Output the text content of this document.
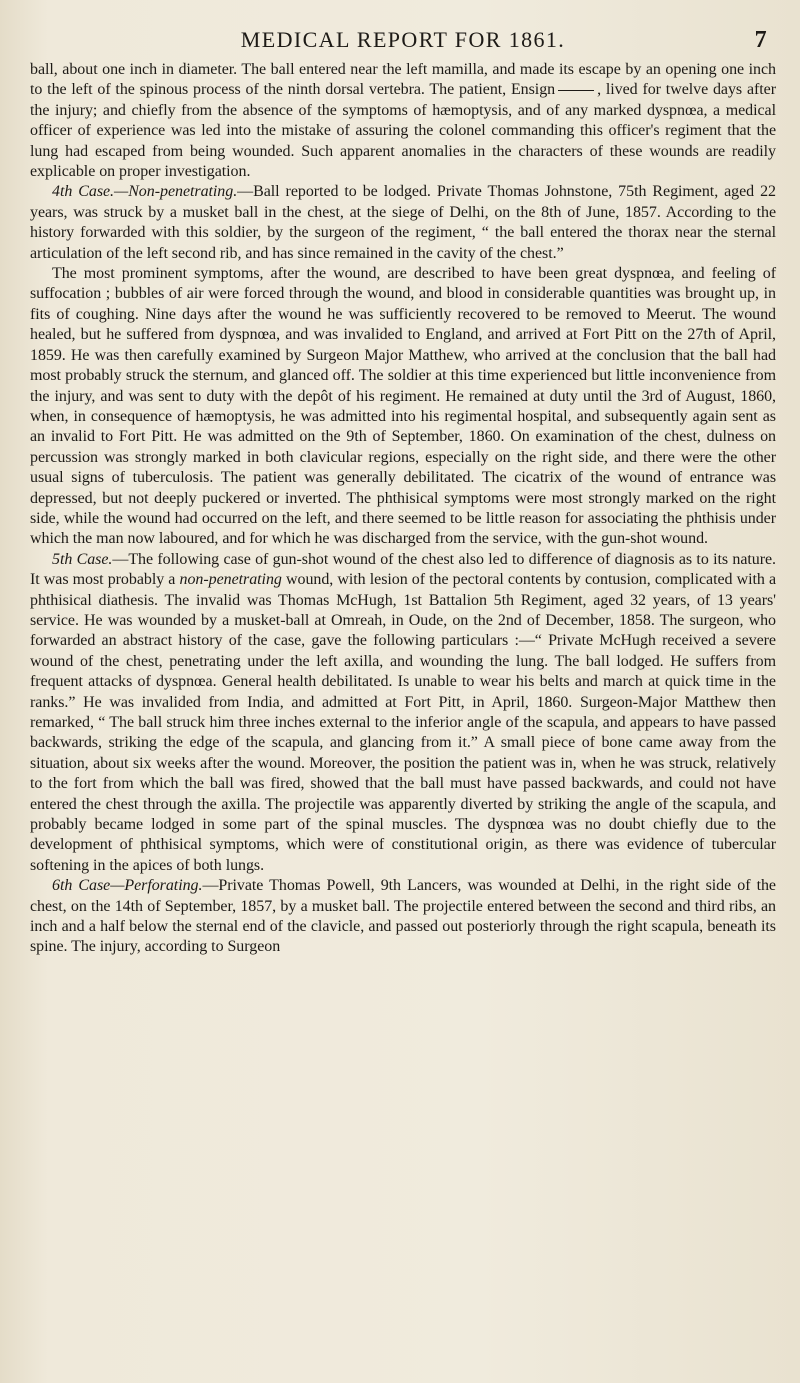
MEDICAL REPORT FOR 1861.	7

ball, about one inch in diameter. The ball entered near the left mamilla, and made its escape by an opening one inch to the left of the spinous process of the ninth dorsal vertebra. The patient, Ensign	, lived for twelve days after the injury; and chiefly from the absence of the symptoms of hæmoptysis, and of any marked dyspnœa, a medical officer of experience was led into the mistake of assuring the colonel commanding this officer's regiment that the lung had escaped from being wounded. Such apparent anomalies in the characters of these wounds are readily explicable on proper investigation.

4th Case.—Non-penetrating.—Ball reported to be lodged. Private Thomas Johnstone, 75th Regiment, aged 22 years, was struck by a musket ball in the chest, at the siege of Delhi, on the 8th of June, 1857. According to the history forwarded with this soldier, by the surgeon of the regiment, “ the ball entered the thorax near the sternal articulation of the left second rib, and has since remained in the cavity of the chest.”

The most prominent symptoms, after the wound, are described to have been great dyspnœa, and feeling of suffocation ; bubbles of air were forced through the wound, and blood in considerable quantities was brought up, in fits of coughing. Nine days after the wound he was sufficiently recovered to be removed to Meerut. The wound healed, but he suffered from dyspnœa, and was invalided to England, and arrived at Fort Pitt on the 27th of April, 1859. He was then carefully examined by Surgeon Major Matthew, who arrived at the conclusion that the ball had most probably struck the sternum, and glanced off. The soldier at this time experienced but little inconvenience from the injury, and was sent to duty with the depôt of his regiment. He remained at duty until the 3rd of August, 1860, when, in consequence of hæmoptysis, he was admitted into his regimental hospital, and subsequently again sent as an invalid to Fort Pitt. He was admitted on the 9th of September, 1860. On examination of the chest, dulness on percussion was strongly marked in both clavicular regions, especially on the right side, and there were the other usual signs of tuberculosis. The patient was generally debilitated. The cicatrix of the wound of entrance was depressed, but not deeply puckered or inverted. The phthisical symptoms were most strongly marked on the right side, while the wound had occurred on the left, and there seemed to be little reason for associating the phthisis under which the man now laboured, and for which he was discharged from the service, with the gun-shot wound.

5th Case.—The following case of gun-shot wound of the chest also led to difference of diagnosis as to its nature. It was most probably a non-penetrating wound, with lesion of the pectoral contents by contusion, complicated with a phthisical diathesis. The invalid was Thomas McHugh, 1st Battalion 5th Regiment, aged 32 years, of 13 years' service. He was wounded by a musket-ball at Omreah, in Oude, on the 2nd of December, 1858. The surgeon, who forwarded an abstract history of the case, gave the following particulars :—“ Private McHugh received a severe wound of the chest, penetrating under the left axilla, and wounding the lung. The ball lodged. He suffers from frequent attacks of dyspnœa. General health debilitated. Is unable to wear his belts and march at quick time in the ranks.” He was invalided from India, and admitted at Fort Pitt, in April, 1860. Surgeon-Major Matthew then remarked, “ The ball struck him three inches external to the inferior angle of the scapula, and appears to have passed backwards, striking the edge of the scapula, and glancing from it.” A small piece of bone came away from the situation, about six weeks after the wound. Moreover, the position the patient was in, when he was struck, relatively to the fort from which the ball was fired, showed that the ball must have passed backwards, and could not have entered the chest through the axilla. The projectile was apparently diverted by striking the angle of the scapula, and probably became lodged in some part of the spinal muscles. The dyspnœa was no doubt chiefly due to the development of phthisical symptoms, which were of constitutional origin, as there was evidence of tubercular softening in the apices of both lungs.

6th Case—Perforating.—Private Thomas Powell, 9th Lancers, was wounded at Delhi, in the right side of the chest, on the 14th of September, 1857, by a musket ball. The projectile entered between the second and third ribs, an inch and a half below the sternal end of the clavicle, and passed out posteriorly through the right scapula, beneath its spine. The injury, according to Surgeon
